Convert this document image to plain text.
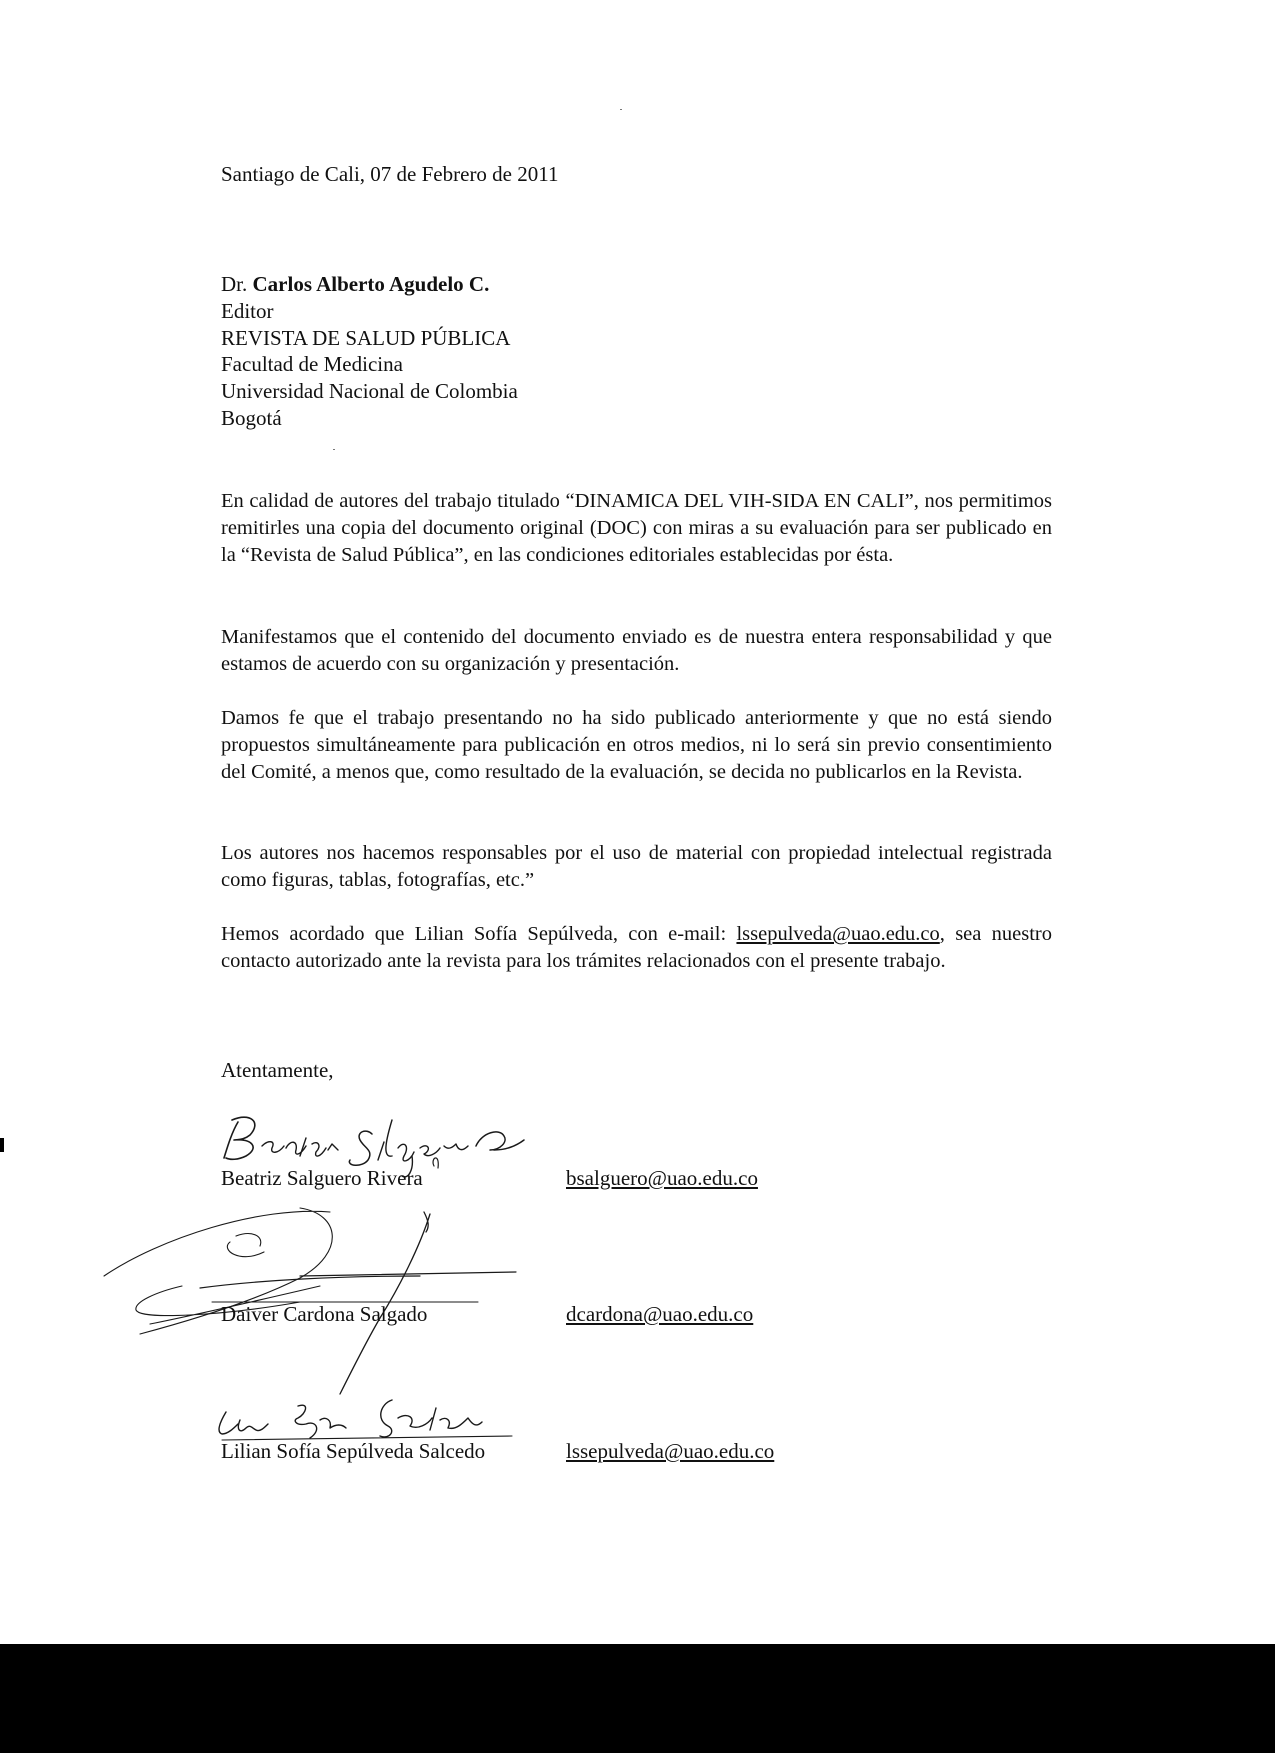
Santiago de Cali, 07 de Febrero de 2011
Dr. Carlos Alberto Agudelo C.
Editor
REVISTA DE SALUD PÚBLICA
Facultad de Medicina
Universidad Nacional de Colombia
Bogotá

En calidad de autores del trabajo titulado “DINAMICA DEL VIH-SIDA EN CALI”, nos permitimos remitirles una copia del documento original (DOC) con miras a su evaluación para ser publicado en la “Revista de Salud Pública”, en las condiciones editoriales establecidas por ésta.

Manifestamos que el contenido del documento enviado es de nuestra entera responsabilidad y que estamos de acuerdo con su organización y presentación.

Damos fe que el trabajo presentando no ha sido publicado anteriormente y que no está siendo propuestos simultáneamente para publicación en otros medios, ni lo será sin previo consentimiento del Comité, a menos que, como resultado de la evaluación, se decida no publicarlos en la Revista.

Los autores nos hacemos responsables por el uso de material con propiedad intelectual registrada como figuras, tablas, fotografías, etc.”

Hemos acordado que Lilian Sofía Sepúlveda, con e-mail: lssepulveda@uao.edu.co, sea nuestro contacto autorizado ante la revista para los trámites relacionados con el presente trabajo.

Atentamente,
Beatriz Salguero Rivera	bsalguero@uao.edu.co
Daiver Cardona Salgado	dcardona@uao.edu.co
Lilian Sofía Sepúlveda Salcedo	lssepulveda@uao.edu.co
